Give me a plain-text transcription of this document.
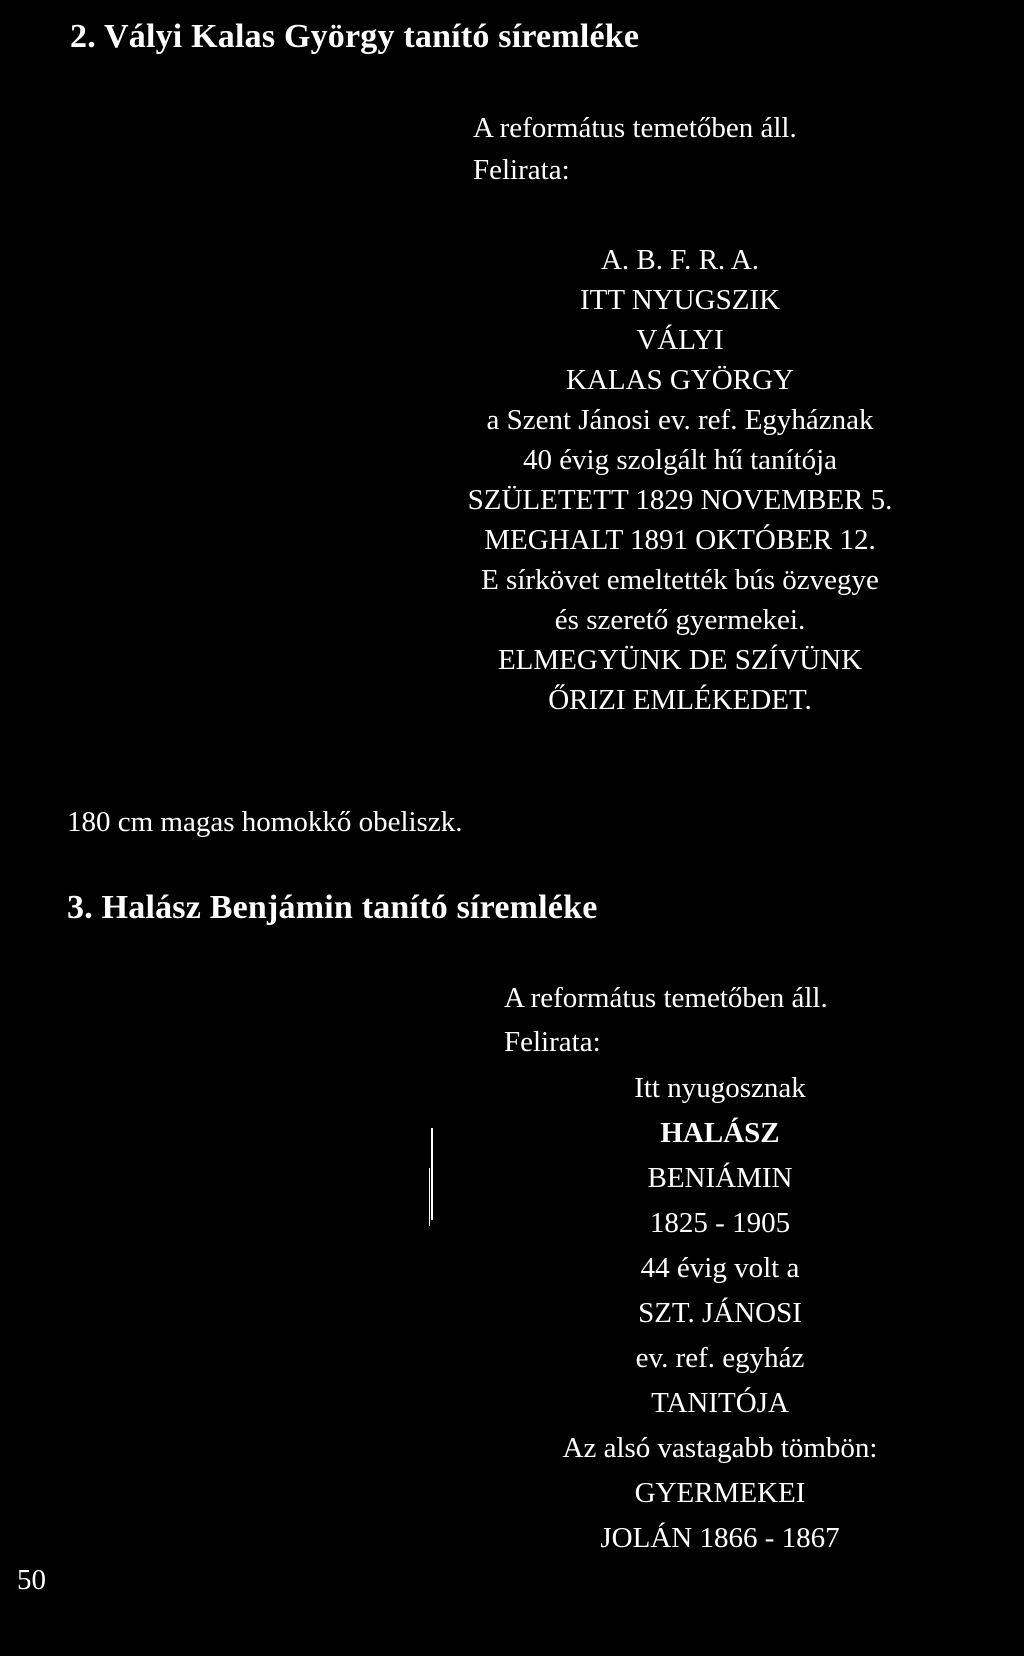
2. Vályi Kalas György tanító síremléke
A református temetőben áll.
Felirata:
A. B. F. R. A.
ITT NYUGSZIK
VÁLYI
KALAS GYÖRGY
a Szent Jánosi ev. ref. Egyháznak
40 évig szolgált hű tanítója
SZÜLETETT 1829 NOVEMBER 5.
MEGHALT 1891 OKTÓBER 12.
E sírkövet emeltették bús özvegye
és szerető gyermekei.
ELMEGYÜNK DE SZÍVÜNK
ŐRIZI EMLÉKEDET.
180 cm magas homokkő obeliszk.
3. Halász Benjámin tanító síremléke
A református temetőben áll.
Felirata:
Itt nyugosznak
HALÁSZ
BENIÁMIN
1825 - 1905
44 évig volt a
SZT. JÁNOSI
ev. ref. egyház
TANITÓJA
Az alsó vastagabb tömbön:
GYERMEKEI
JOLÁN 1866 - 1867
50
